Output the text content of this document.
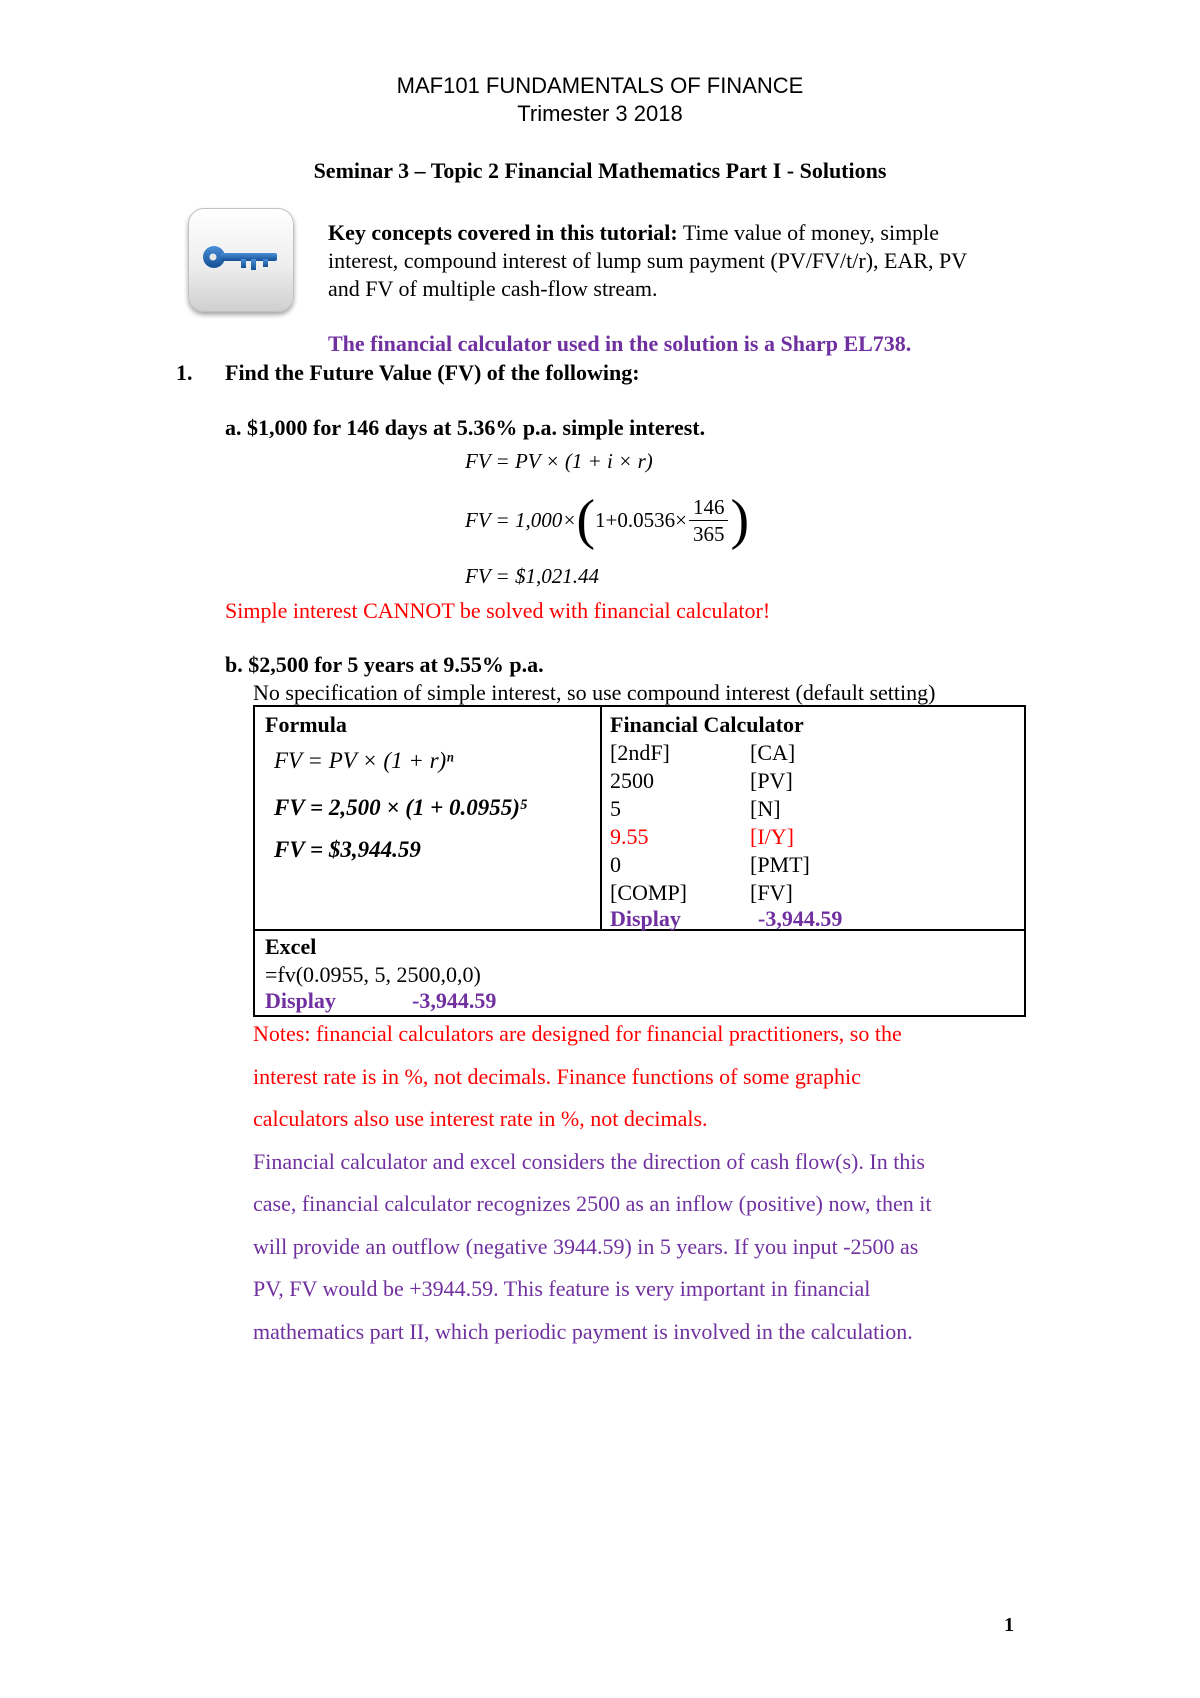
MAF101 FUNDAMENTALS OF FINANCE
Trimester 3 2018
Seminar 3 – Topic 2 Financial Mathematics Part I - Solutions
Key concepts covered in this tutorial: Time value of money, simple
interest, compound interest of lump sum payment (PV/FV/t/r), EAR, PV
and FV of multiple cash-flow stream.
The financial calculator used in the solution is a Sharp EL738.
1. Find the Future Value (FV) of the following:
a. $1,000 for 146 days at 5.36% p.a. simple interest.
FV = PV × (1 + i × r)
FV = 1,000× ( $1+0.0536\times \frac{146}{365}$ )
FV = $1,021.44
Simple interest CANNOT be solved with financial calculator!
b. $2,500 for 5 years at 9.55% p.a.
No specification of simple interest, so use compound interest (default setting)
Formula
FV = PV × (1 + r)ⁿ
FV = 2,500 × (1 + 0.0955)⁵
FV = $3,944.59
Financial Calculator
[2ndF]	[CA]
2500	[PV]
5	[N]
9.55	[I/Y]
0	[PMT]
[COMP]	[FV]
Display	-3,944.59
Excel
=fv(0.0955, 5, 2500,0,0)
Display	-3,944.59
Notes: financial calculators are designed for financial practitioners, so the
interest rate is in %, not decimals. Finance functions of some graphic
calculators also use interest rate in %, not decimals.
Financial calculator and excel considers the direction of cash flow(s). In this
case, financial calculator recognizes 2500 as an inflow (positive) now, then it
will provide an outflow (negative 3944.59) in 5 years. If you input -2500 as
PV, FV would be +3944.59. This feature is very important in financial
mathematics part II, which periodic payment is involved in the calculation.
1
